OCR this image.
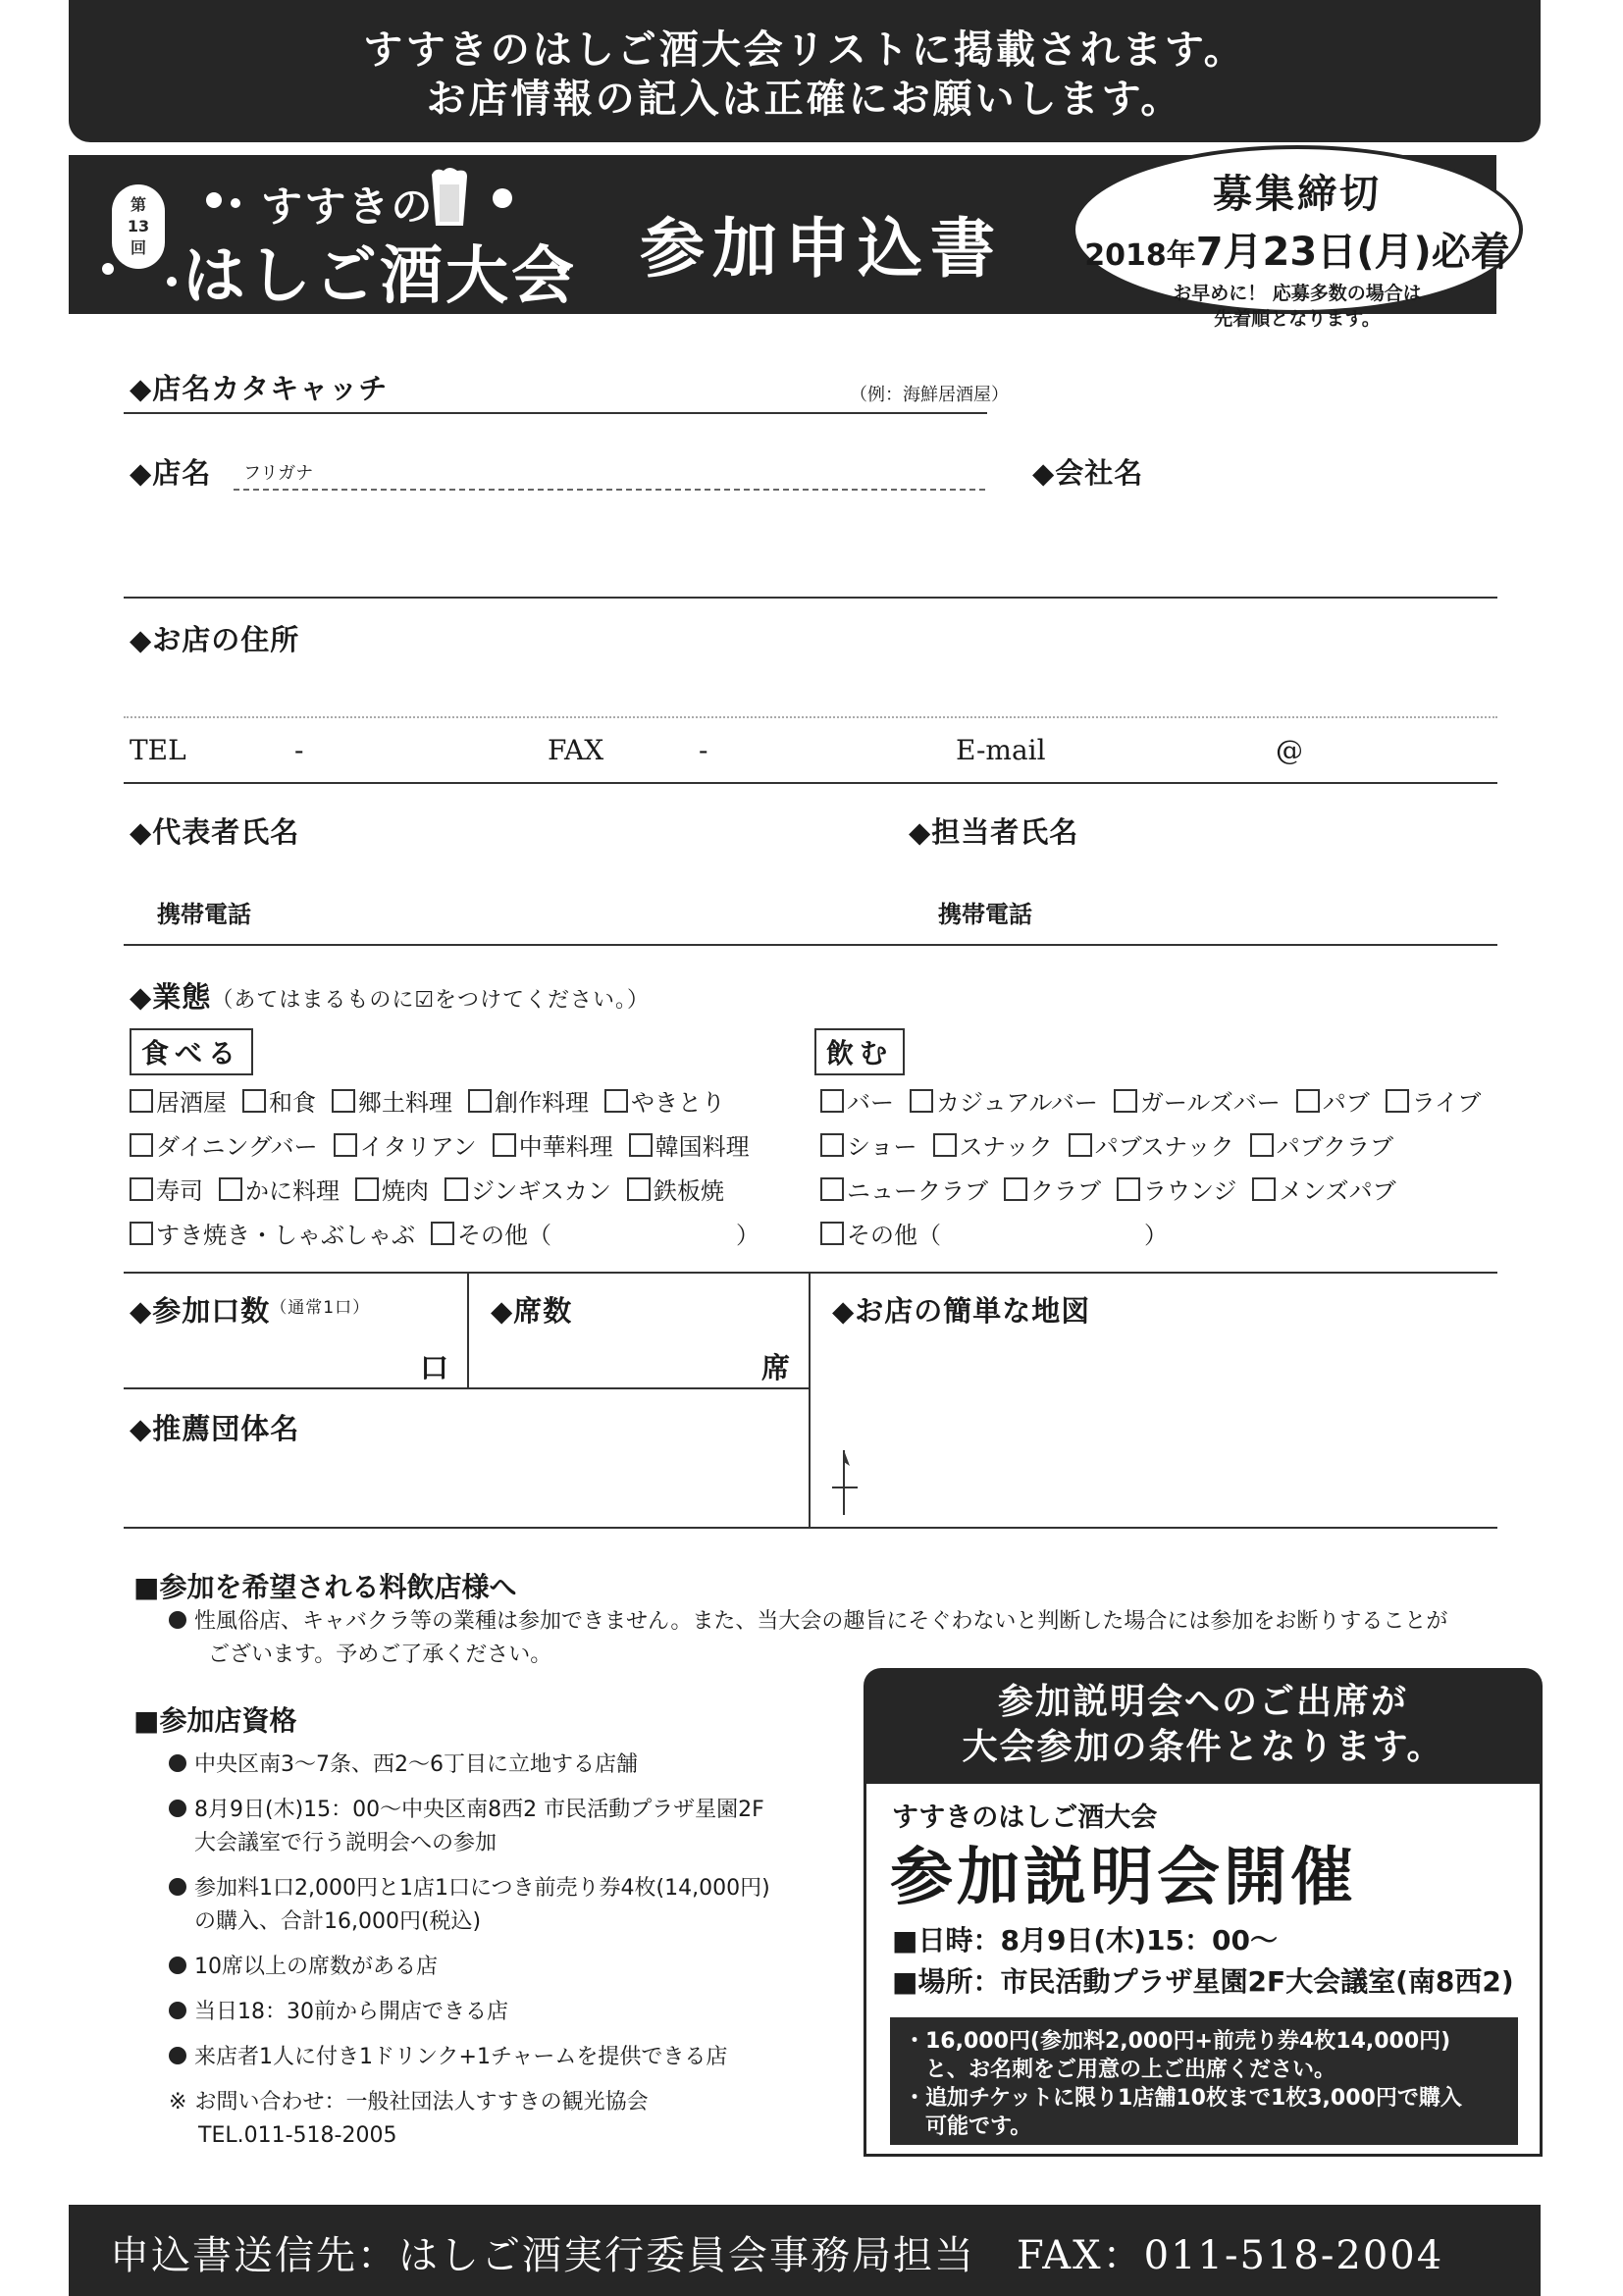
すすきのはしご酒大会リストに掲載されます。
お店情報の記入は正確にお願いします。
第
13
回
すすきの
はしご酒大会 参加申込書
募集締切
2018年7月23日(月)必着
お早めに！ 応募多数の場合は
先着順となります。
◆店名カタキャッチ	（例：海鮮居酒屋）
◆店名 フリガナ	◆会社名
◆お店の住所
TEL	-	FAX	-	E-mail	@
◆代表者氏名	◆担当者氏名
携帯電話	携帯電話
◆業態（あてはまるものに☑をつけてください。）
食べる	飲む
居酒屋 和食 郷土料理 創作料理 やきとり
ダイニングバー イタリアン 中華料理 韓国料理
寿司 かに料理 焼肉 ジンギスカン 鉄板焼
すき焼き・しゃぶしゃぶ その他（	）
バー カジュアルバー ガールズバー パブ ライブ
ショー スナック パブスナック パブクラブ
ニュークラブ クラブ ラウンジ メンズパブ
その他（	）
◆参加口数$^{(通常1口)}$
口
◆席数
席
◆お店の簡単な地図
◆推薦団体名
■参加を希望される料飲店様へ
性風俗店、キャバクラ等の業種は参加できません。また、当大会の趣旨にそぐわないと判断した場合には参加をお断りすることが
ございます。予めご了承ください。
■参加店資格
中央区南3〜7条、西2〜6丁目に立地する店舗
8月9日(木)15：00〜中央区南8西2 市民活動プラザ星園2F
大会議室で行う説明会への参加
参加料1口2,000円と1店1口につき前売り券4枚(14,000円)
の購入、合計16,000円(税込)
10席以上の席数がある店
当日18：30前から開店できる店
来店者1人に付き1ドリンク+1チャームを提供できる店
※ お問い合わせ：一般社団法人すすきの観光協会
TEL.011-518-2005
参加説明会へのご出席が
大会参加の条件となります。
すすきのはしご酒大会
参加説明会開催
■日時：8月9日(木)15：00〜
■場所：市民活動プラザ星園2F大会議室(南8西2)
・16,000円(参加料2,000円+前売り券4枚14,000円)
　と、お名刺をご用意の上ご出席ください。
・追加チケットに限り1店舗10枚まで1枚3,000円で購入
　可能です。
申込書送信先：はしご酒実行委員会事務局担当　FAX：011-518-2004
